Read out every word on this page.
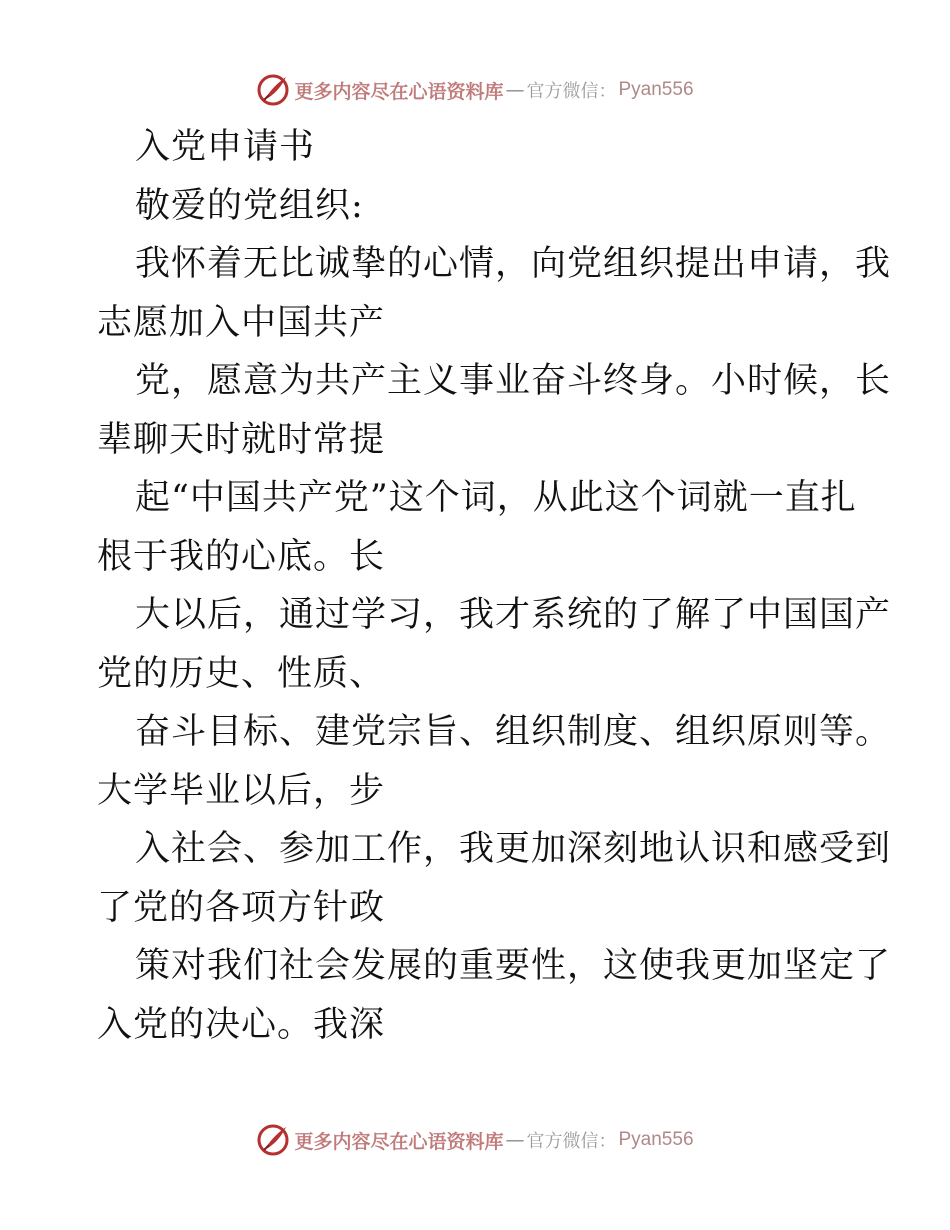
更多内容尽在心语资料库 — 官方微信： Pyan556
入党申请书
敬爱的党组织:
我怀着无比诚挚的心情，向党组织提出申请，我
志愿加入中国共产
党，愿意为共产主义事业奋斗终身。小时候，长
辈聊天时就时常提
起“中国共产党”这个词，从此这个词就一直扎
根于我的心底。长
大以后，通过学习，我才系统的了解了中国国产
党的历史、性质、
奋斗目标、建党宗旨、组织制度、组织原则等。
大学毕业以后，步
入社会、参加工作，我更加深刻地认识和感受到
了党的各项方针政
策对我们社会发展的重要性，这使我更加坚定了
入党的决心。我深
更多内容尽在心语资料库 — 官方微信： Pyan556
